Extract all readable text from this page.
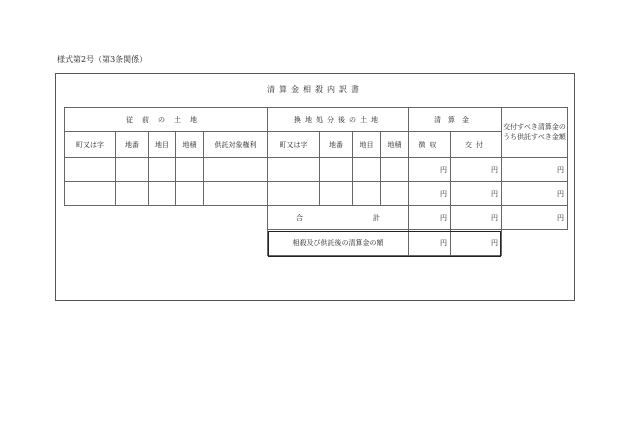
様式第2号（第3条関係）
清算金相殺内訳書
従前の土地					換地処分後の土地				清算金		交付すべき清算金のうち供託すべき金額
町又は字	地番	地目	地積	供託対象権利	町又は字	地番	地目	地積	徴収	交付	
									円	円	円
									円	円	円

					合 計				円	円	円
					相殺及び供託後の清算金の額				円	円	
